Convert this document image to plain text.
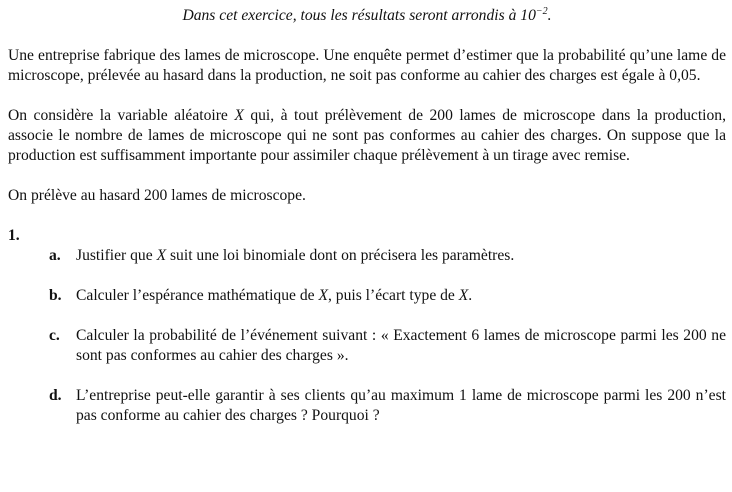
Dans cet exercice, tous les résultats seront arrondis à $10^{-2}$.

Une entreprise fabrique des lames de microscope. Une enquête permet d’estimer que la probabilité qu’une lame de microscope, prélevée au hasard dans la production, ne soit pas conforme au cahier des charges est égale à 0,05.

On considère la variable aléatoire X qui, à tout prélèvement de 200 lames de microscope dans la production, associe le nombre de lames de microscope qui ne sont pas conformes au cahier des charges. On suppose que la production est suffisamment importante pour assimiler chaque prélèvement à un tirage avec remise.

On prélève au hasard 200 lames de microscope.

1.
a. Justifier que X suit une loi binomiale dont on précisera les paramètres.
b. Calculer l’espérance mathématique de X, puis l’écart type de X.
c. Calculer la probabilité de l’événement suivant : « Exactement 6 lames de microscope parmi les 200 ne sont pas conformes au cahier des charges ».
d. L’entreprise peut-elle garantir à ses clients qu’au maximum 1 lame de microscope parmi les 200 n’est pas conforme au cahier des charges ? Pourquoi ?
